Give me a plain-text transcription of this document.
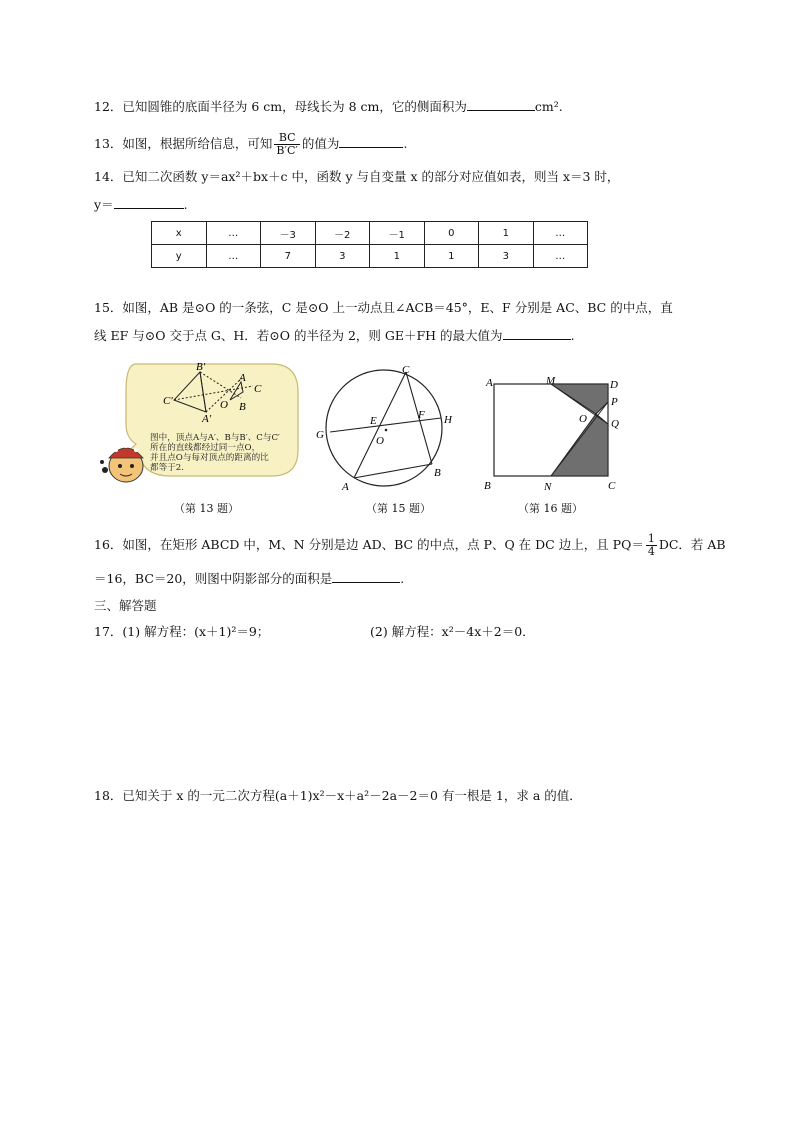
12．已知圆锥的底面半径为 6 cm，母线长为 8 cm，它的侧面积为	cm².
13．如图，根据所给信息，可知 $\frac{BC}{B'C'}$ 的值为	.
14．已知二次函数 y＝ax²＋bx＋c 中，函数 y 与自变量 x 的部分对应值如表，则当 x＝3 时，
y＝	.
x	…	－3	－2	－1	0	1	…
y	…	7	3	1	1	3	…
15．如图，AB 是⊙O 的一条弦，C 是⊙O 上一动点且∠ACB＝45°，E、F 分别是 AC、BC 的中点，直
线 EF 与⊙O 交于点 G、H．若⊙O 的半径为 2，则 GE＋FH 的最大值为	.
B′
C′
A′
A
C
B
O
图中，顶点A与A′、B与B′、C与C′
所在的直线都经过同一点O，
并且点O与每对顶点的距离的比
都等于2.
（第 13 题）
C
E	F H
G	O
A
B
（第 15 题）
A	M	D
P
O Q
B	N	C
（第 16 题）
16．如图，在矩形 ABCD 中，M、N 分别是边 AD、BC 的中点，点 P、Q 在 DC 边上，且 $PQ= \frac{1}{4}$ DC．若 AB
＝16，BC＝20，则图中阴影部分的面积是	.
三、解答题
17．(1) 解方程：(x＋1)²＝9；	(2) 解方程：x²－4x＋2＝0．
18．已知关于 x 的一元二次方程(a＋1)x²－x＋a²－2a－2＝0 有一根是 1，求 a 的值．
